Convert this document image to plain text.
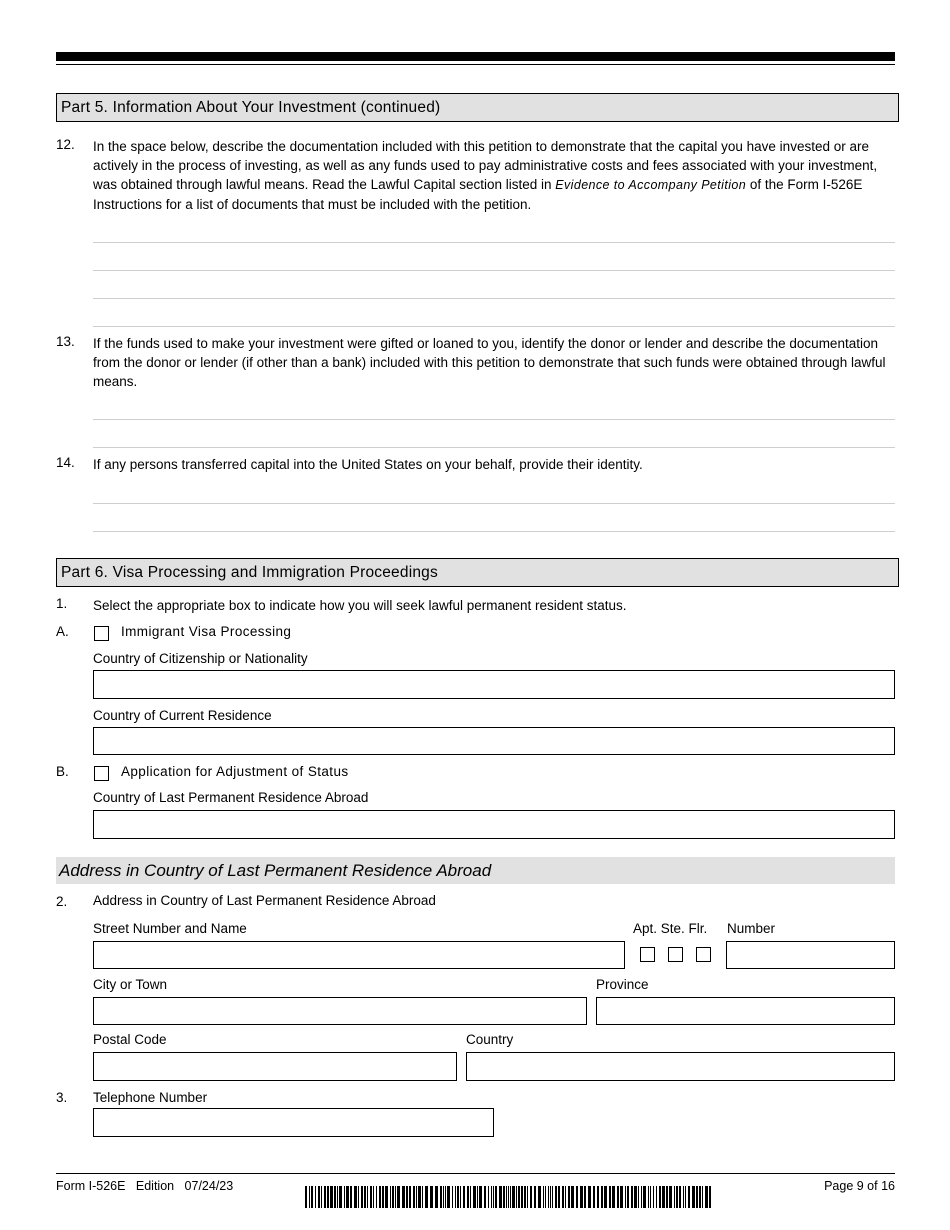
Part 5. Information About Your Investment (continued)
12. In the space below, describe the documentation included with this petition to demonstrate that the capital you have invested or are actively in the process of investing, as well as any funds used to pay administrative costs and fees associated with your investment, was obtained through lawful means. Read the Lawful Capital section listed in Evidence to Accompany Petition of the Form I-526E Instructions for a list of documents that must be included with the petition.
13. If the funds used to make your investment were gifted or loaned to you, identify the donor or lender and describe the documentation from the donor or lender (if other than a bank) included with this petition to demonstrate that such funds were obtained through lawful means.
14. If any persons transferred capital into the United States on your behalf, provide their identity.
Part 6. Visa Processing and Immigration Proceedings
1. Select the appropriate box to indicate how you will seek lawful permanent resident status.
A.	Immigrant Visa Processing
Country of Citizenship or Nationality
Country of Current Residence
B.	Application for Adjustment of Status
Country of Last Permanent Residence Abroad
Address in Country of Last Permanent Residence Abroad
2. Address in Country of Last Permanent Residence Abroad
Street Number and Name	Apt. Ste. Flr. Number
City or Town	Province
Postal Code	Country
3. Telephone Number
Form I-526E Edition 07/24/23	Page 9 of 16
